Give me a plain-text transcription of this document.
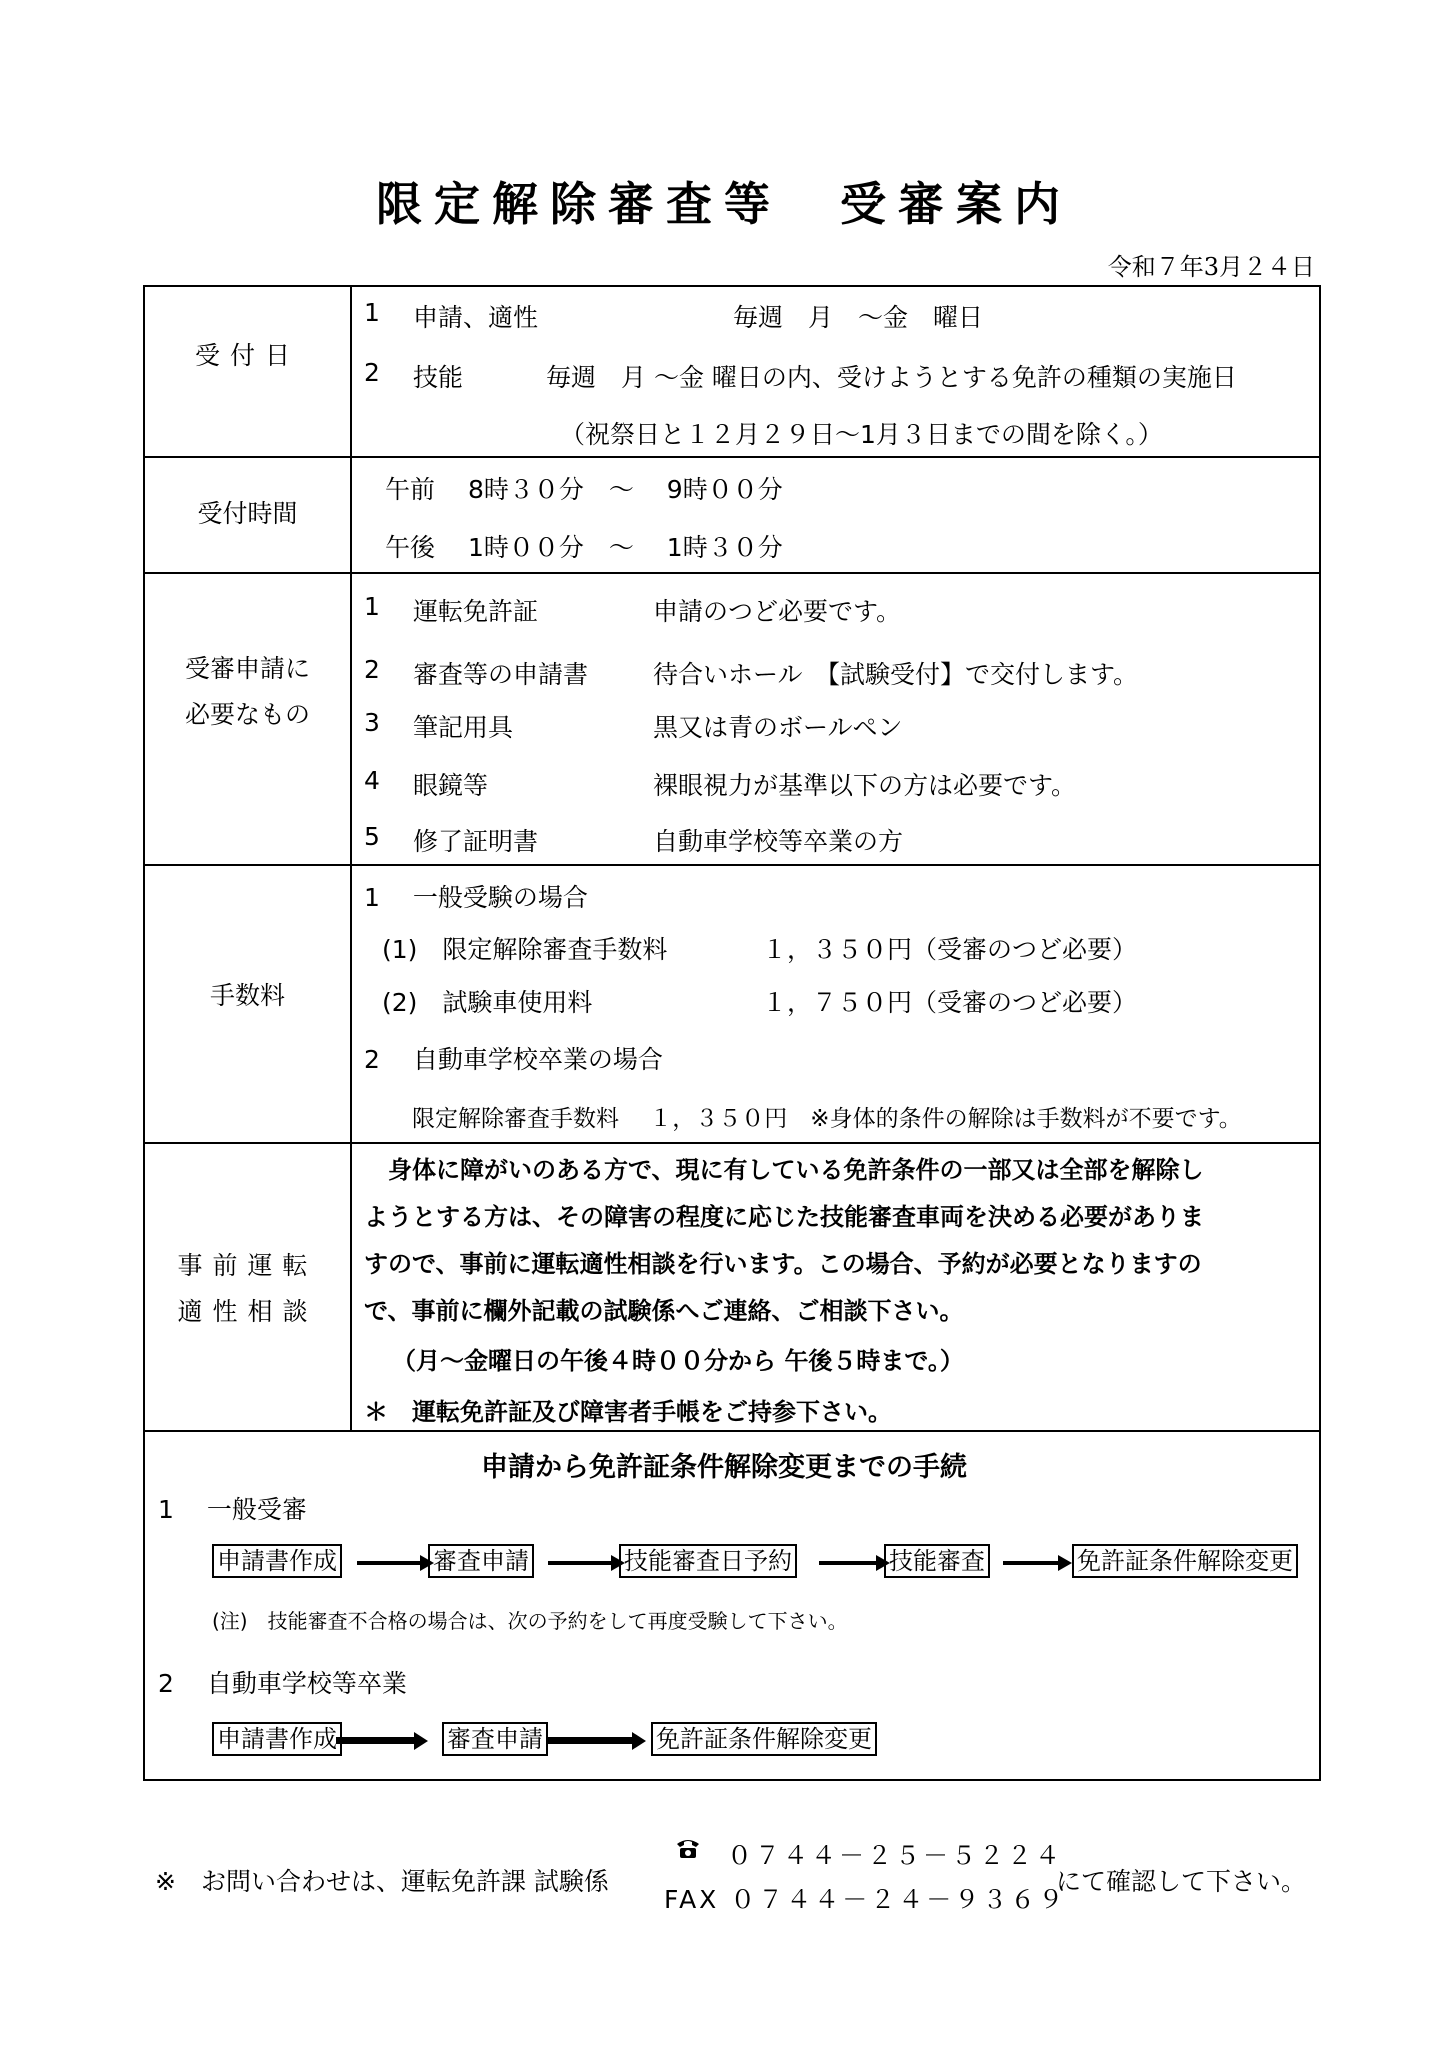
限定解除審査等　受審案内
令和７年3月２４日
受付日
1 申請、適性	毎週　月　～金　曜日
2 技能	毎週　月 ～金 曜日の内、受けようとする免許の種類の実施日
（祝祭日と１２月２９日～1月３日までの間を除く。）
受付時間
午前　 8時３０分　～　 9時００分
午後　 1時００分　～　 1時３０分
受審申請に
必要なもの
1 運転免許証	申請のつど必要です。
2 審査等の申請書	待合いホール　【試験受付】で交付します。
3 筆記用具	黒又は青のボールペン
4 眼鏡等	裸眼視力が基準以下の方は必要です。
5 修了証明書	自動車学校等卒業の方
手数料
1　 一般受験の場合
(1)　限定解除審査手数料	１，３５０円（受審のつど必要）
(2)　試験車使用料	１，７５０円（受審のつど必要）
2　 自動車学校卒業の場合
限定解除審査手数料　 １，３５０円　※身体的条件の解除は手数料が不要です。
事前運転
適性相談
　身体に障がいのある方で、現に有している免許条件の一部又は全部を解除し
ようとする方は、その障害の程度に応じた技能審査車両を決める必要がありま
すので、事前に運転適性相談を行います。この場合、予約が必要となりますの
で、事前に欄外記載の試験係へご連絡、ご相談下さい。
（月～金曜日の午後４時００分から 午後５時まで。）
＊　運転免許証及び障害者手帳をご持参下さい。
申請から免許証条件解除変更までの手続
1　 一般受審
申請書作成	審査申請	技能審査日予約	技能審査	免許証条件解除変更
(注)　技能審査不合格の場合は、次の予約をして再度受験して下さい。
2　 自動車学校等卒業
申請書作成	審査申請	免許証条件解除変更
※　お問い合わせは、運転免許課 試験係
０７４４－２５－５２２４
FAX ０７４４－２４－９３６９
にて確認して下さい。
